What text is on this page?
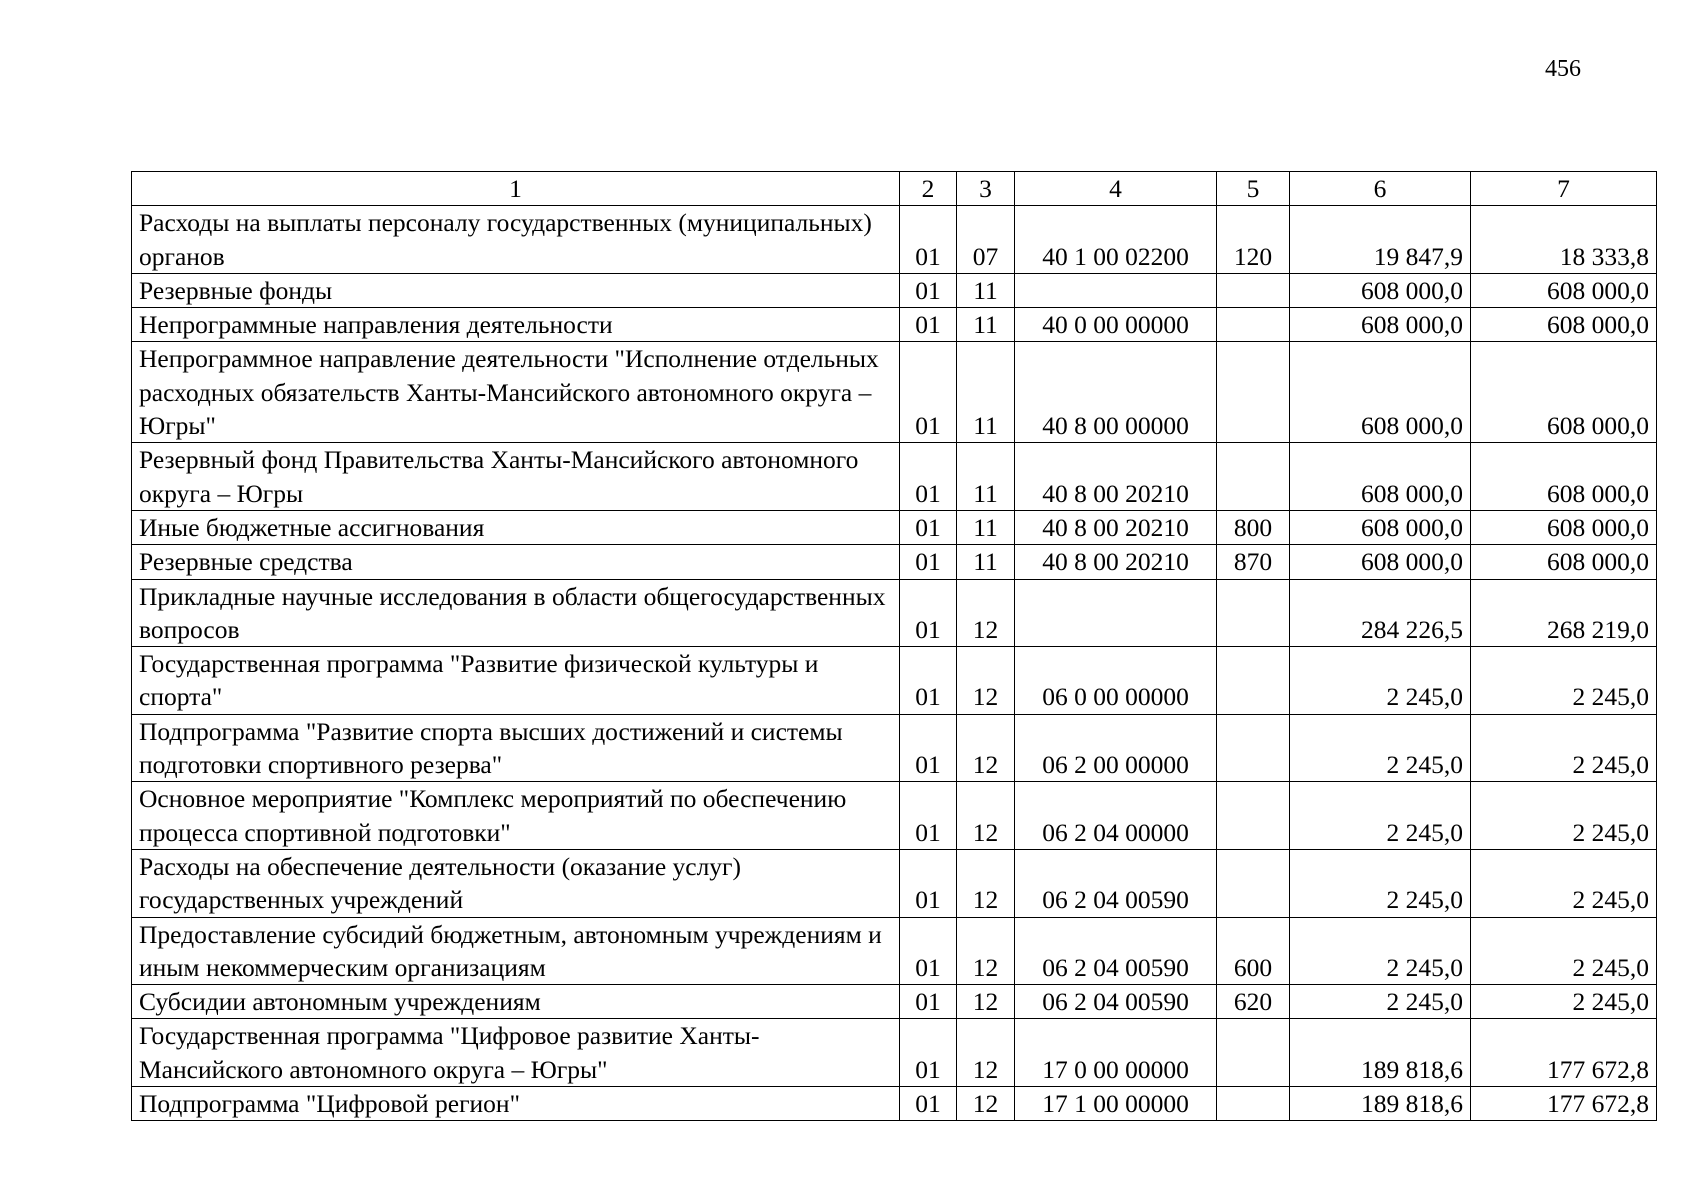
456
1	2	3	4	5	6	7
Расходы на выплаты персоналу государственных (муниципальных) органов	01	07	40 1 00 02200	120	19 847,9	18 333,8
Резервные фонды	01	11			608 000,0	608 000,0
Непрограммные направления деятельности	01	11	40 0 00 00000		608 000,0	608 000,0
Непрограммное направление деятельности "Исполнение отдельных расходных обязательств Ханты-Мансийского автономного округа – Югры"	01	11	40 8 00 00000		608 000,0	608 000,0
Резервный фонд Правительства Ханты-Мансийского автономного округа – Югры	01	11	40 8 00 20210		608 000,0	608 000,0
Иные бюджетные ассигнования	01	11	40 8 00 20210	800	608 000,0	608 000,0
Резервные средства	01	11	40 8 00 20210	870	608 000,0	608 000,0
Прикладные научные исследования в области общегосударственных вопросов	01	12			284 226,5	268 219,0
Государственная программа "Развитие физической культуры и спорта"	01	12	06 0 00 00000		2 245,0	2 245,0
Подпрограмма "Развитие спорта высших достижений и системы подготовки спортивного резерва"	01	12	06 2 00 00000		2 245,0	2 245,0
Основное мероприятие "Комплекс мероприятий по обеспечению процесса спортивной подготовки"	01	12	06 2 04 00000		2 245,0	2 245,0
Расходы на обеспечение деятельности (оказание услуг) государственных учреждений	01	12	06 2 04 00590		2 245,0	2 245,0
Предоставление субсидий бюджетным, автономным учреждениям и иным некоммерческим организациям	01	12	06 2 04 00590	600	2 245,0	2 245,0
Субсидии автономным учреждениям	01	12	06 2 04 00590	620	2 245,0	2 245,0
Государственная программа "Цифровое развитие Ханты-Мансийского автономного округа – Югры"	01	12	17 0 00 00000		189 818,6	177 672,8
Подпрограмма "Цифровой регион"	01	12	17 1 00 00000		189 818,6	177 672,8
